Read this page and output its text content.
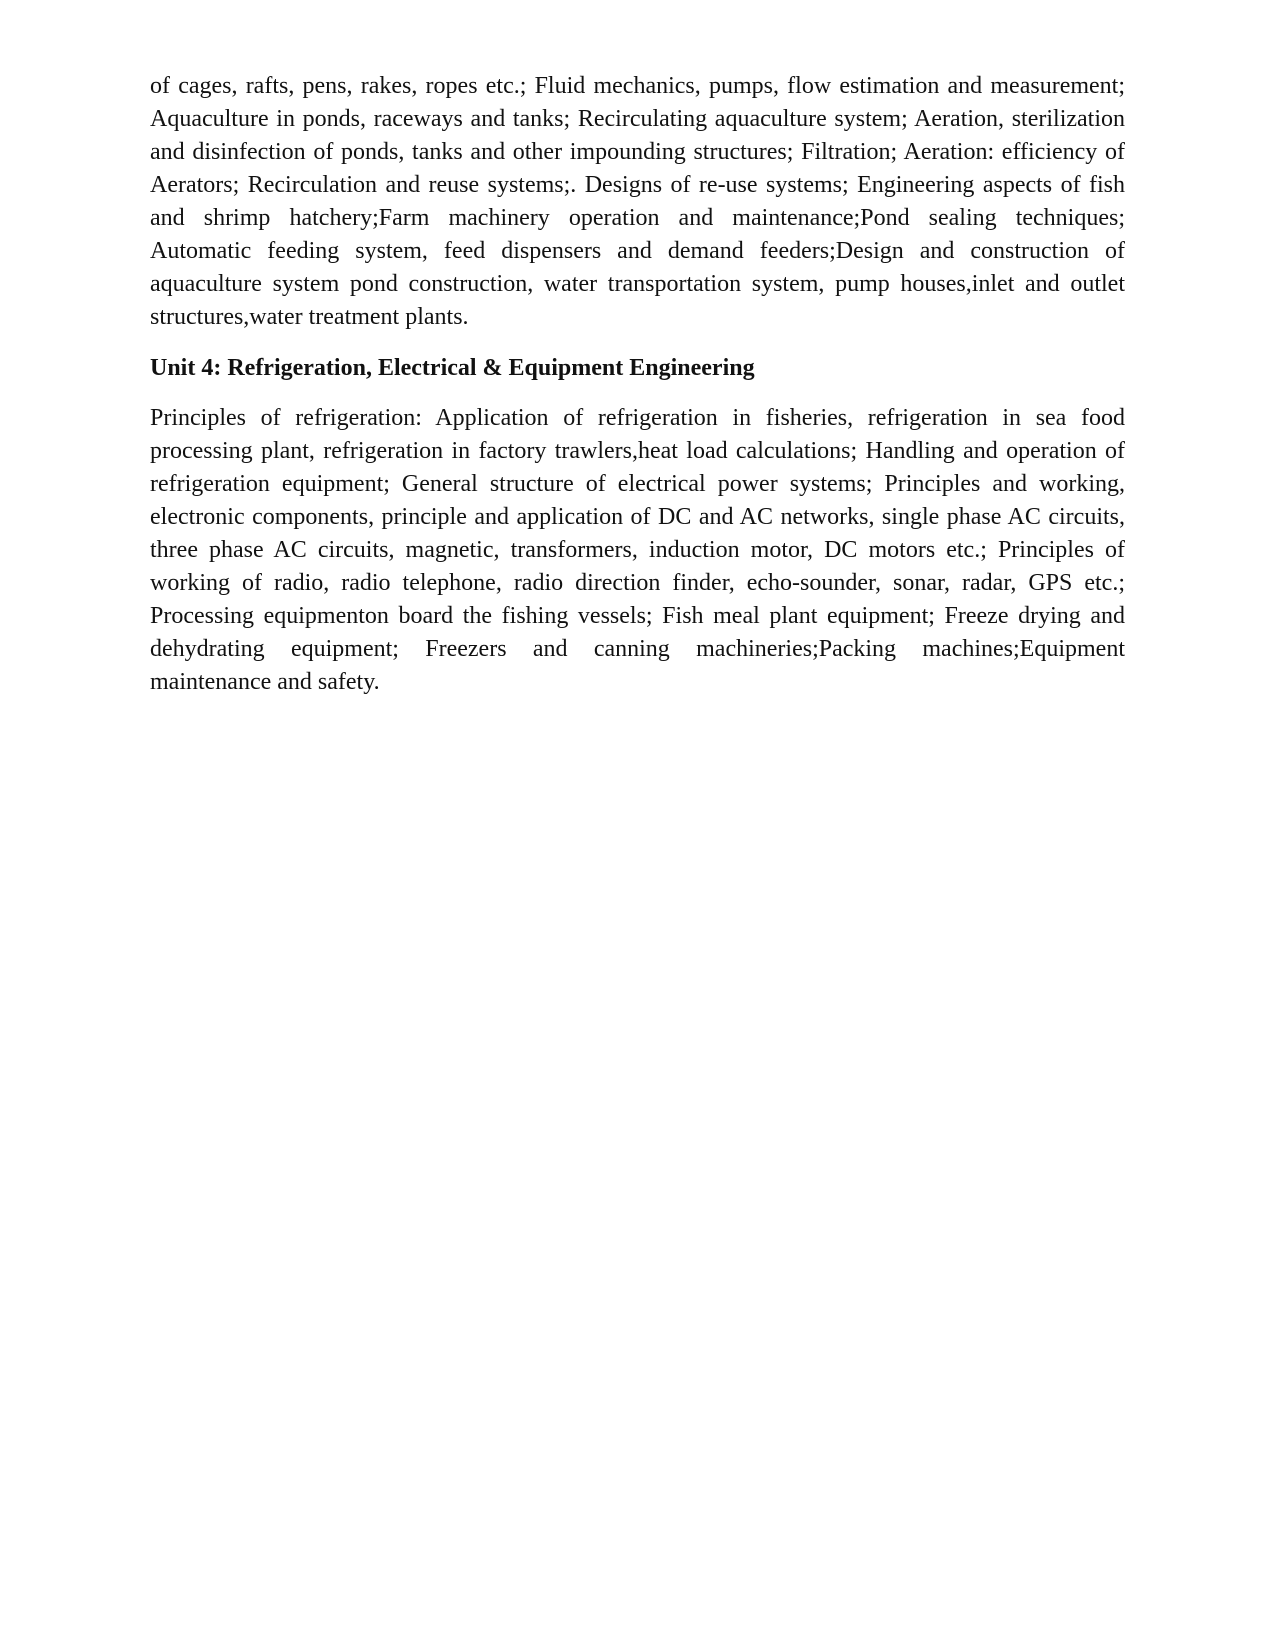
of cages, rafts, pens, rakes, ropes etc.; Fluid mechanics, pumps, flow estimation and measurement; Aquaculture in ponds, raceways and tanks; Recirculating aquaculture system; Aeration, sterilization and disinfection of ponds, tanks and other impounding structures; Filtration; Aeration: efficiency of Aerators; Recirculation and reuse systems;. Designs of re-use systems; Engineering aspects of fish and shrimp hatchery;Farm machinery operation and maintenance;Pond sealing techniques; Automatic feeding system, feed dispensers and demand feeders;Design and construction of aquaculture system pond construction, water transportation system, pump houses,inlet and outlet structures,water treatment plants.

Unit 4: Refrigeration, Electrical & Equipment Engineering

Principles of refrigeration: Application of refrigeration in fisheries, refrigeration in sea food processing plant, refrigeration in factory trawlers,heat load calculations; Handling and operation of refrigeration equipment; General structure of electrical power systems; Principles and working, electronic components, principle and application of DC and AC networks, single phase AC circuits, three phase AC circuits, magnetic, transformers, induction motor, DC motors etc.; Principles of working of radio, radio telephone, radio direction finder, echo-sounder, sonar, radar, GPS etc.; Processing equipmenton board the fishing vessels; Fish meal plant equipment; Freeze drying and dehydrating equipment; Freezers and canning machineries;Packing machines;Equipment maintenance and safety.
